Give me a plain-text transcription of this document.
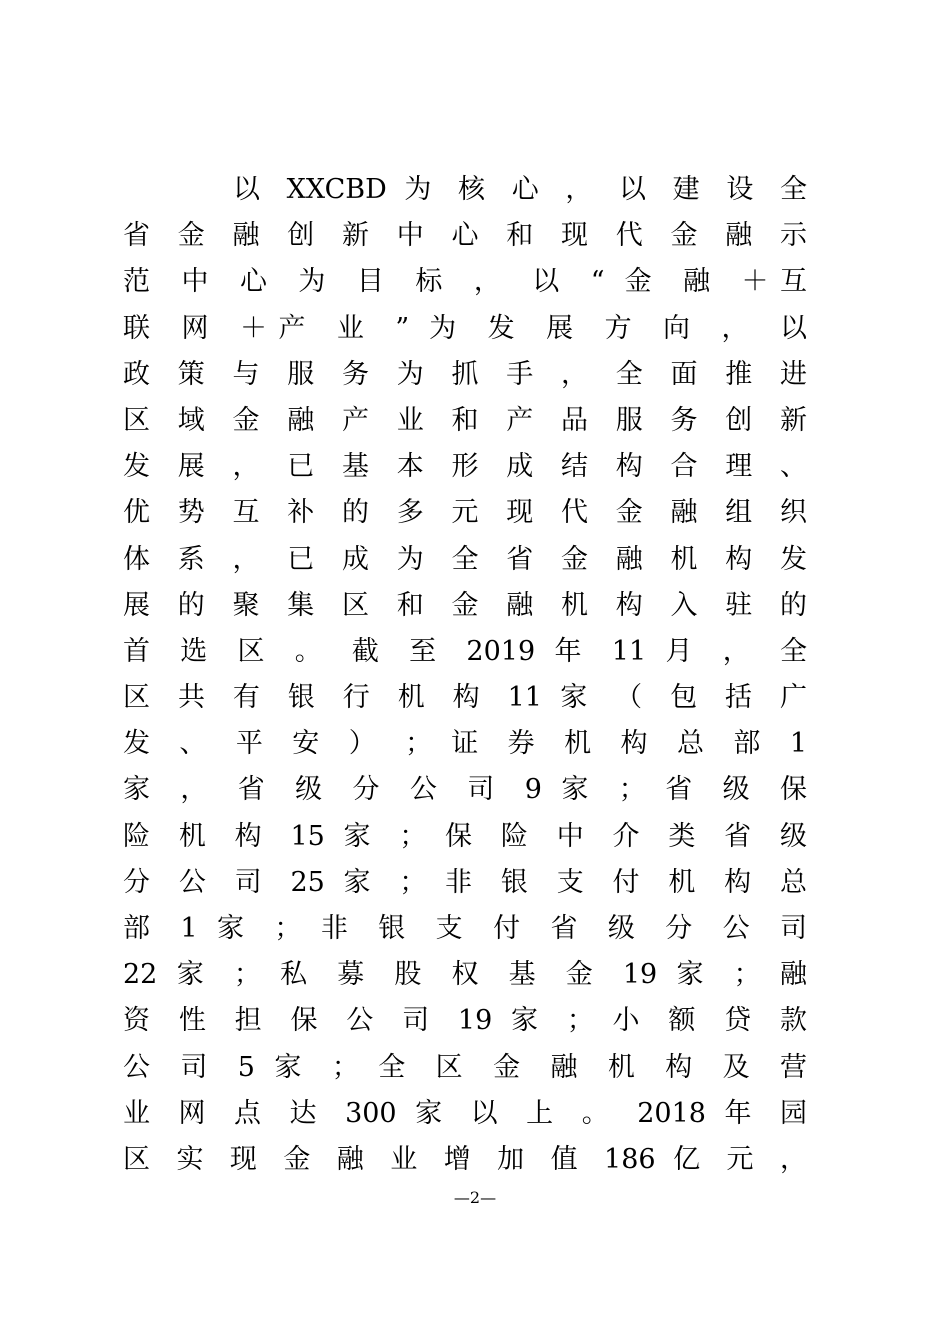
以 XXCBD 为 核 心 ， 以 建 设 全
省 金 融 创 新 中 心 和 现 代 金 融 示
范 中 心 为 目 标 ， 以 “ 金 融 ＋互
联 网 ＋产 业 ” 为 发 展 方 向 ， 以
政 策 与 服 务 为 抓 手 ， 全 面 推 进
区 域 金 融 产 业 和 产 品 服 务 创 新
发 展 ， 已 基 本 形 成 结 构 合 理 、
优 势 互 补 的 多 元 现 代 金 融 组 织
体 系 ， 已 成 为 全 省 金 融 机 构 发
展 的 聚 集 区 和 金 融 机 构 入 驻 的
首 选 区 。 截 至 2019 年 11 月 ， 全
区 共 有 银 行 机 构 11 家 （ 包 括 广
发 、 平 安 ） ； 证 券 机 构 总 部 1
家 ， 省 级 分 公 司 9 家 ； 省 级 保
险 机 构 15 家 ； 保 险 中 介 类 省 级
分 公 司 25 家 ； 非 银 支 付 机 构 总
部 1 家 ； 非 银 支 付 省 级 分 公 司
22 家 ； 私 募 股 权 基 金 19 家 ； 融
资 性 担 保 公 司 19 家 ； 小 额 贷 款
公 司 5 家 ； 全 区 金 融 机 构 及 营
业 网 点 达 300 家 以 上 。 2018 年 园
区 实 现 金 融 业 增 加 值 186 亿 元 ，
—2—
